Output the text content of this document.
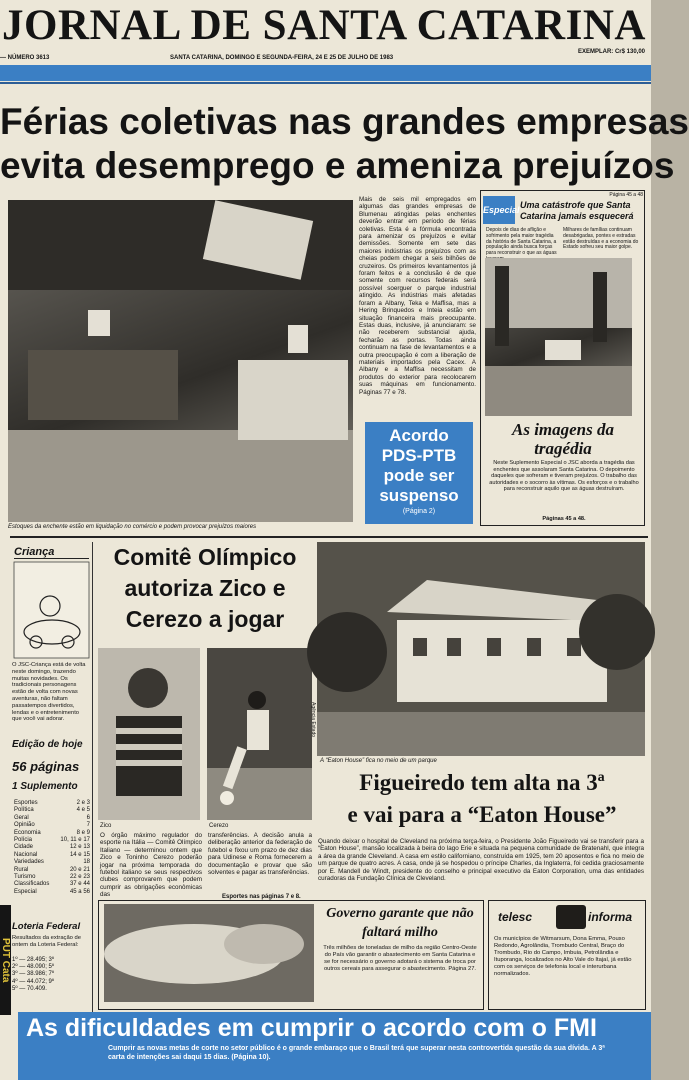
JORNAL DE SANTA CATARINA
— NÚMERO 3613	SANTA CATARINA, DOMINGO E SEGUNDA-FEIRA, 24 E 25 DE JULHO DE 1983
EXEMPLAR: Cr$ 130,00
Férias coletivas nas grandes empresas
evita desemprego e ameniza prejuízos
Estoques da enchente estão em liquidação no comércio e podem provocar prejuízos maiores
Mais de seis mil empregados em algumas das grandes empresas de Blumenau atingidas pelas enchentes deverão entrar em período de férias coletivas. Esta é a fórmula encontrada para amenizar os prejuízos e evitar demissões. Somente em sete das maiores indústrias os prejuízos com as cheias podem chegar a seis bilhões de cruzeiros. Os primeiros levantamentos já foram feitos e a conclusão é de que somente com recursos federais será possível soerguer o parque industrial atingido. As indústrias mais afetadas foram a Albany, Teka e Maffisa, mas a Hering Brinquedos e Inteia estão em situação financeira mais preocupante. Estas duas, inclusive, já anunciaram: se não receberem substancial ajuda, fecharão as portas. Todas ainda continuam na fase de levantamentos e a outra preocupação é com a liberação de materiais importados pela Cacex. A Albany e a Maffisa necessitam de produtos do exterior para recolocarem suas máquinas em funcionamento. Páginas 77 e 78.
Acordo PDS-PTB pode ser suspenso
(Página 2)
Especial
Página 45 a 48
Uma catástrofe que Santa Catarina jamais esquecerá
Depois de dias de aflição e sofrimento pela maior tragédia da história de Santa Catarina, a população ainda busca forças para reconstruir o que as águas
Milhares de famílias continuam desabrigadas, pontes e estradas estão destruídas e a economia do Estado sofreu seu maior golpe.
As imagens da tragédia
Neste Suplemento Especial o JSC aborda a tragédia das enchentes que assolaram Santa Catarina. O depoimento daqueles que sofreram e tiveram prejuízos. O trabalho das autoridades e o socorro às vítimas. Os esforços e o trabalho para reconstruir aquilo que as águas destruíram.
Páginas 45 a 48.
Criança
O JSC-Criança está de volta neste domingo, trazendo muitas novidades. Os tradicionais personagens estão de volta com novas aventuras, não faltam passatempos divertidos, lendas e o entretenimento que você vai adorar.
Edição de hoje
56 páginas
1 Suplemento
Esportes	2 e 3
Política	4 e 5
Geral	6
Opinião	7
Economia	8 e 9
Polícia	10, 11 e 17
Cidade	12 e 13
Nacional	14 e 15
Variedades	18
Rural	20 e 21
Turismo	22 e 23
Classificados	37 e 44
Especial	45 a 56
Loteria Federal
Resultados da extração de ontem da Loteria Federal:
1º — 28.495; 3º
2º — 48.090; 5º
3º — 38.986; 7º
4º — 44.072; 9º
5º — 70.409.
PUT Cata
Comitê Olímpico autoriza Zico e Cerezo a jogar
Zico	Cerezo
O órgão máximo regulador do esporte na Itália — Comitê Olímpico Italiano — determinou ontem que Zico e Toninho Cerezo poderão jogar na próxima temporada do futebol italiano se seus respectivos clubes comprovarem que podem cumprir as obrigações econômicas das
transferências. A decisão anula a deliberação anterior da federação de futebol e fixou um prazo de dez dias para Udinese e Roma fornecerem a documentação e provar que são solventes e pagar as transferências.
Esportes nas páginas 7 e 8.
A “Eaton House” fica no meio de um parque
Agência Estado
Figueiredo tem alta na 3ª
e vai para a “Eaton House”
Quando deixar o hospital de Cleveland na próxima terça-feira, o Presidente João Figueiredo vai se transferir para a “Eaton House”, mansão localizada à beira do lago Erie e situada na pequena comunidade de Bratenahl, que integra a área da grande Cleveland. A casa em estilo californiano, construída em 1925, tem 20 aposentos e fica no meio de um parque de quatro acres. A casa, onde já se hospedou o príncipe Charles, da Inglaterra, foi cedida graciosamente por E. Mandell de Windt, presidente do conselho e principal executivo da Eaton Corporation, uma das entidades curadoras da Fundação Clínica de Cleveland.
Governo garante que não faltará milho
Três milhões de toneladas de milho da região Centro-Oeste do País vão garantir o abastecimento em Santa Catarina e se for necessário o governo adotará o sistema de troca por outros cereais para assegurar o abastecimento. Página 27.
telesc	informa
Os municípios de Witmarsum, Dona Emma, Pouso Redondo, Agrolândia, Trombudo Central, Braço do Trombudo, Rio do Campo, Imbuia, Petrolândia e Ituporanga, localizados no Alto Vale do Itajaí, já estão com os serviços de telefonia local e interurbana normalizados.
As dificuldades em cumprir o acordo com o FMI
Cumprir as novas metas de corte no setor público é o grande embaraço que o Brasil terá que superar nesta controvertida questão da sua dívida. A 3ª carta de intenções sai daqui 15 dias. (Página 10).
